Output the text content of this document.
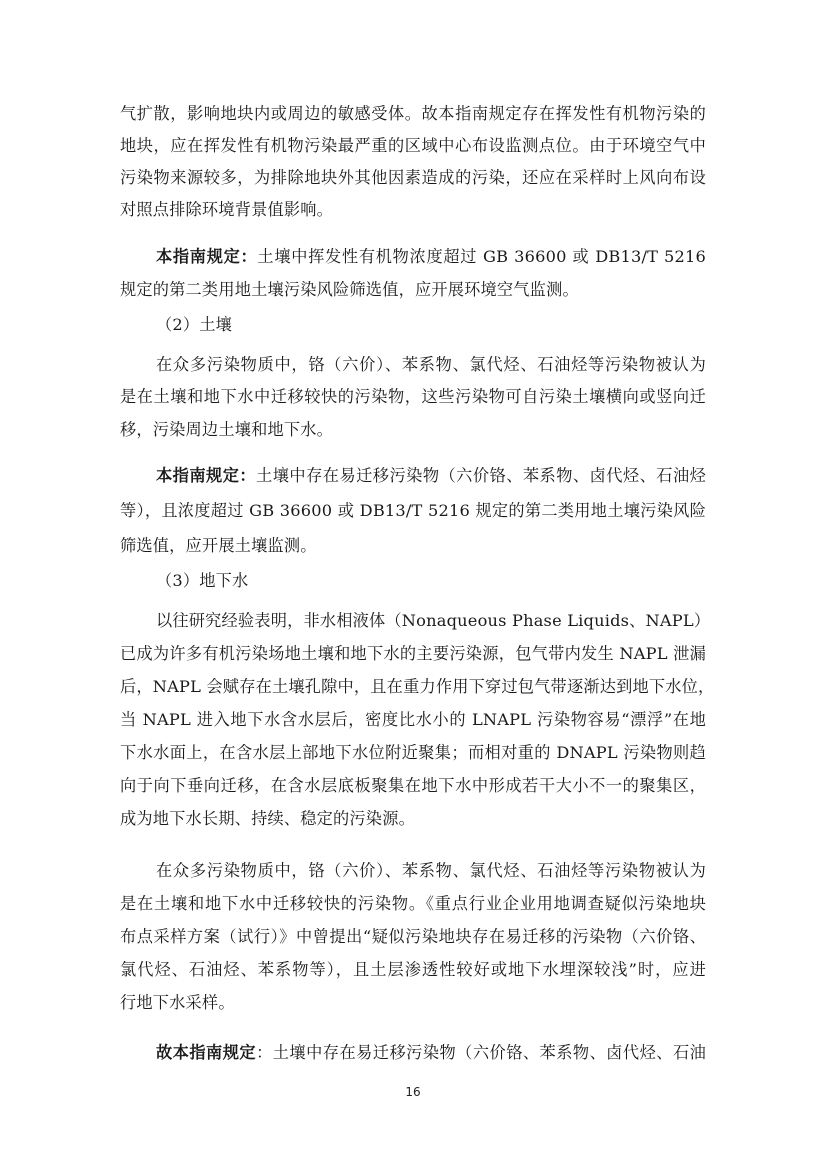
气扩散，影响地块内或周边的敏感受体。故本指南规定存在挥发性有机物污染的
地块，应在挥发性有机物污染最严重的区域中心布设监测点位。由于环境空气中
污染物来源较多，为排除地块外其他因素造成的污染，还应在采样时上风向布设
对照点排除环境背景值影响。
本指南规定：土壤中挥发性有机物浓度超过 GB 36600 或 DB13/T 5216
规定的第二类用地土壤污染风险筛选值，应开展环境空气监测。
（2）土壤
在众多污染物质中，铬（六价）、苯系物、氯代烃、石油烃等污染物被认为
是在土壤和地下水中迁移较快的污染物，这些污染物可自污染土壤横向或竖向迁
移，污染周边土壤和地下水。
本指南规定：土壤中存在易迁移污染物（六价铬、苯系物、卤代烃、石油烃
等），且浓度超过 GB 36600 或 DB13/T 5216 规定的第二类用地土壤污染风险
筛选值，应开展土壤监测。
（3）地下水
以往研究经验表明，非水相液体（Nonaqueous Phase Liquids、NAPL）
已成为许多有机污染场地土壤和地下水的主要污染源，包气带内发生 NAPL 泄漏
后，NAPL 会赋存在土壤孔隙中，且在重力作用下穿过包气带逐渐达到地下水位，
当 NAPL 进入地下水含水层后，密度比水小的 LNAPL 污染物容易“漂浮”在地
下水水面上，在含水层上部地下水位附近聚集；而相对重的 DNAPL 污染物则趋
向于向下垂向迁移，在含水层底板聚集在地下水中形成若干大小不一的聚集区，
成为地下水长期、持续、稳定的污染源。
在众多污染物质中，铬（六价）、苯系物、氯代烃、石油烃等污染物被认为
是在土壤和地下水中迁移较快的污染物。《重点行业企业用地调查疑似污染地块
布点采样方案（试行）》中曾提出“疑似污染地块存在易迁移的污染物（六价铬、
氯代烃、石油烃、苯系物等），且土层渗透性较好或地下水埋深较浅”时，应进
行地下水采样。
故本指南规定：土壤中存在易迁移污染物（六价铬、苯系物、卤代烃、石油
16
